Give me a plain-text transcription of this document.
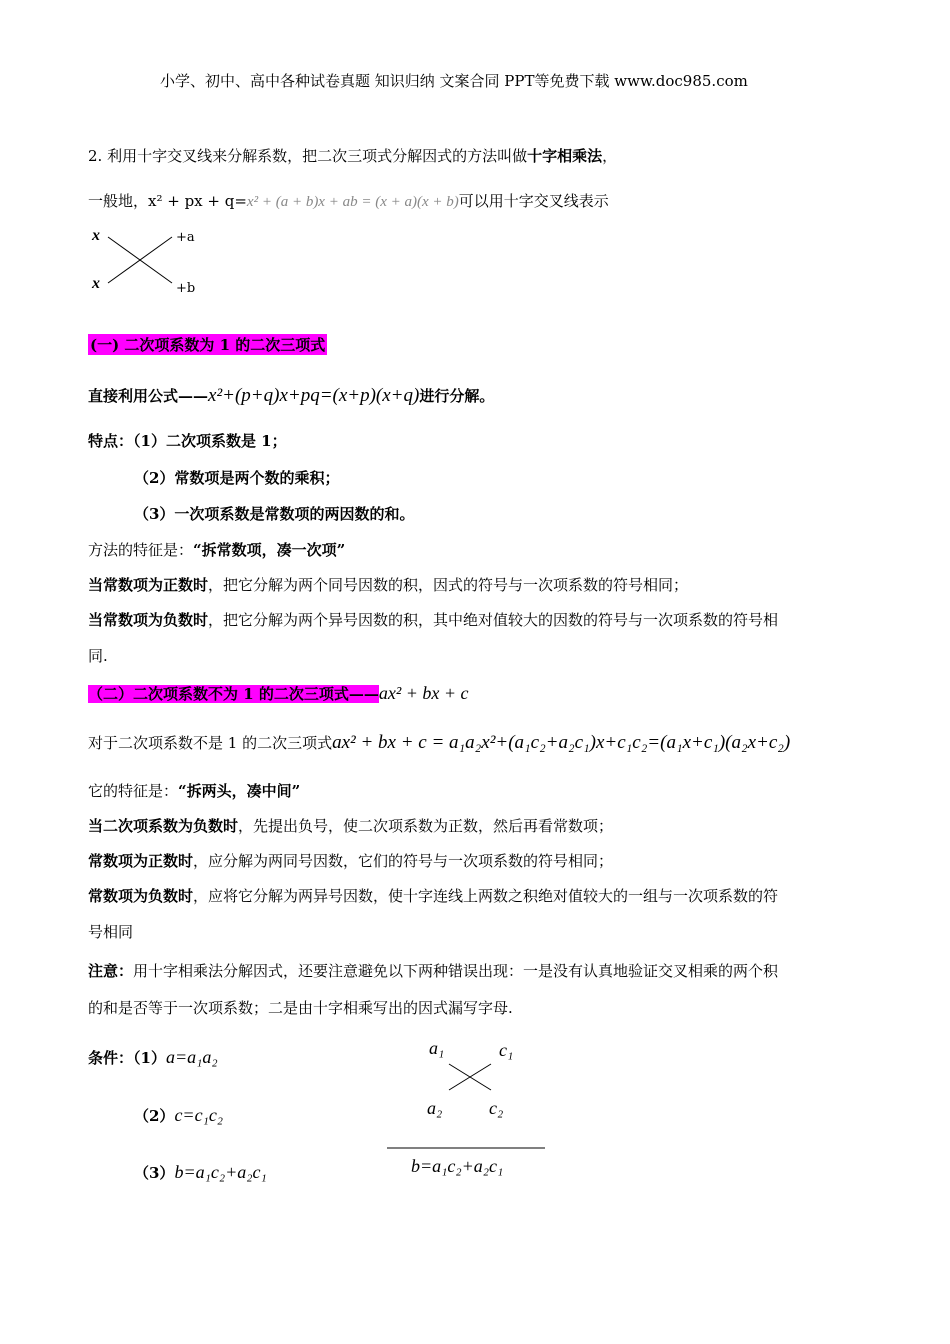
小学、初中、高中各种试卷真题 知识归纳 文案合同 PPT等免费下载 www.doc985.com
2. 利用十字交叉线来分解系数，把二次三项式分解因式的方法叫做十字相乘法，
一般地，x² + px + q=x² + (a + b)x + ab = (x + a)(x + b)可以用十字交叉线表示
x
x
+a
+b
(一) 二次项系数为 1 的二次三项式
直接利用公式——x²+(p+q)x+pq=(x+p)(x+q)进行分解。
特点：（1）二次项系数是 1；
（2）常数项是两个数的乘积；
（3）一次项系数是常数项的两因数的和。
方法的特征是：“拆常数项，凑一次项”
当常数项为正数时，把它分解为两个同号因数的积，因式的符号与一次项系数的符号相同；
当常数项为负数时，把它分解为两个异号因数的积，其中绝对值较大的因数的符号与一次项系数的符号相
同.
（二）二次项系数不为 1 的二次三项式——ax² + bx + c
对于二次项系数不是 1 的二次三项式ax² + bx + c = a₁a₂x²+(a₁c₂+a₂c₁)x+c₁c₂=(a₁x+c₁)(a₂x+c₂)
它的特征是：“拆两头，凑中间”
当二次项系数为负数时，先提出负号，使二次项系数为正数，然后再看常数项；
常数项为正数时，应分解为两同号因数，它们的符号与一次项系数的符号相同；
常数项为负数时，应将它分解为两异号因数，使十字连线上两数之积绝对值较大的一组与一次项系数的符
号相同
注意：用十字相乘法分解因式，还要注意避免以下两种错误出现：一是没有认真地验证交叉相乘的两个积
的和是否等于一次项系数；二是由十字相乘写出的因式漏写字母.
条件：（1）a=a₁a₂
（2）c=c₁c₂
（3）b=a₁c₂+a₂c₁
a₁	c₁
a₂	c₂
b=a₁c₂+a₂c₁
